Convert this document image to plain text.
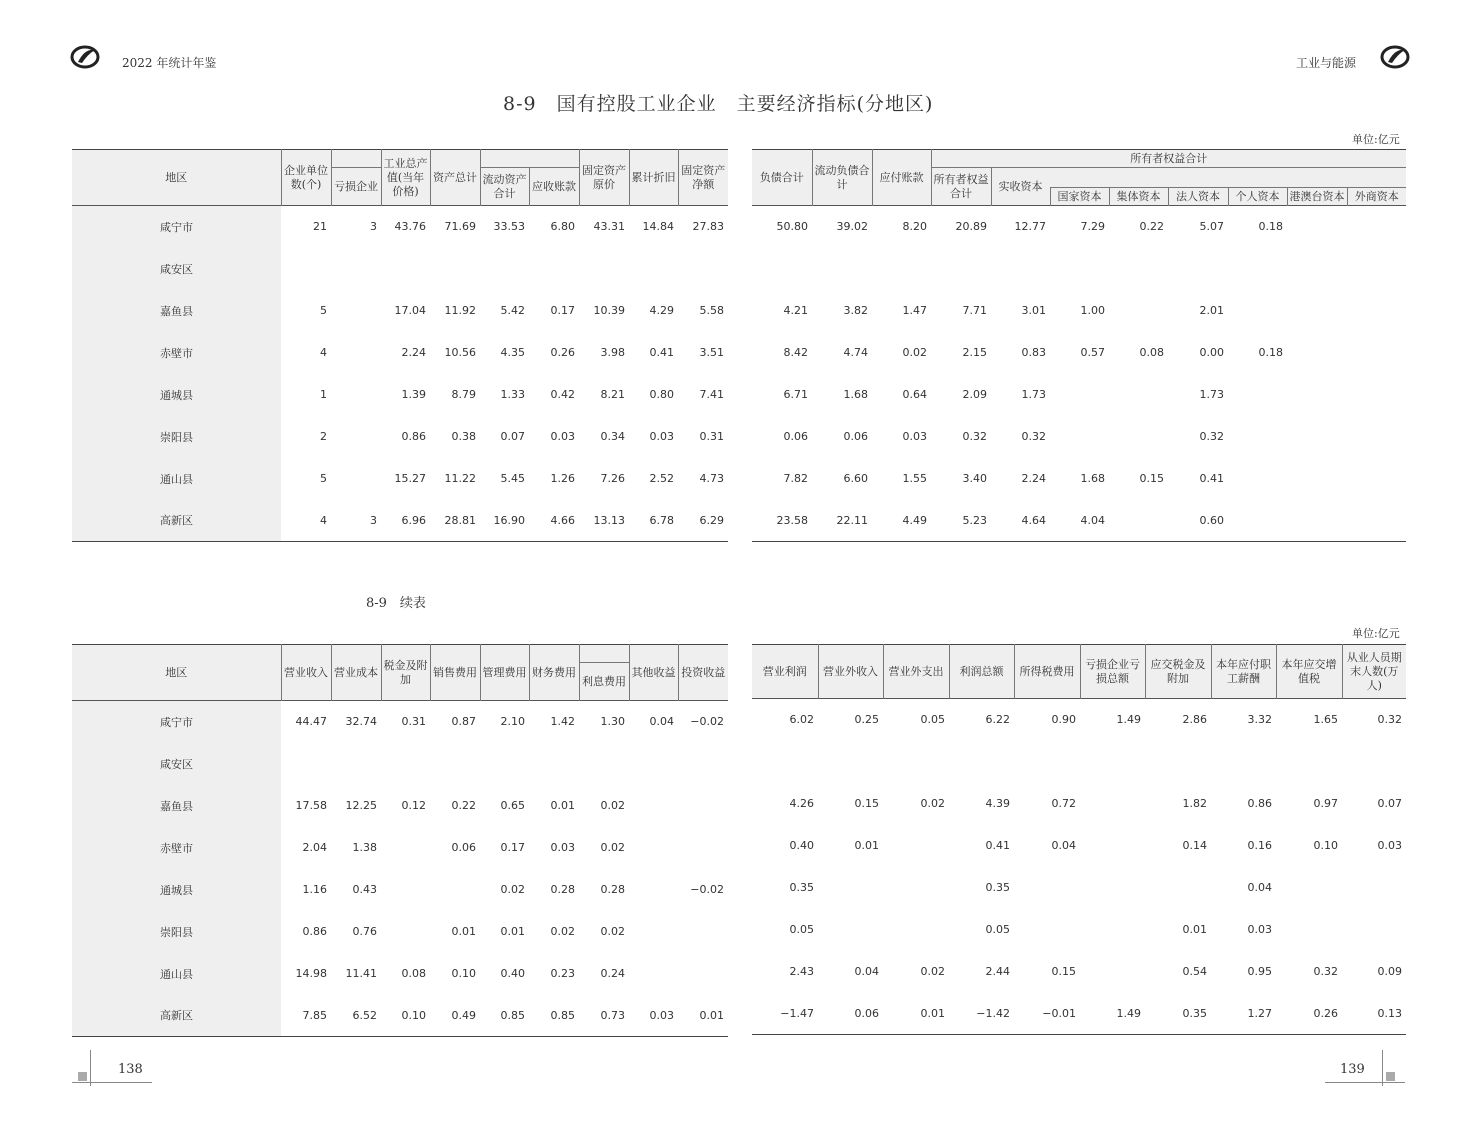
2022 年统计年鉴	工业与能源
8-9　国有控股工业企业　主要经济指标(分地区)
单位:亿元
地区	企业单位数(个)		工业总产值(当年价格)	资产总计			固定资产原价	累计折旧	固定资产净额
		亏损企业			流动资产合计	应收账款			
咸宁市	21	3	43.76	71.69	33.53	6.80	43.31	14.84	27.83
咸安区									
嘉鱼县	5		17.04	11.92	5.42	0.17	10.39	4.29	5.58
赤壁市	4		2.24	10.56	4.35	0.26	3.98	0.41	3.51
通城县	1		1.39	8.79	1.33	0.42	8.21	0.80	7.41
崇阳县	2		0.86	0.38	0.07	0.03	0.34	0.03	0.31
通山县	5		15.27	11.22	5.45	1.26	7.26	2.52	4.73
高新区	4	3	6.96	28.81	16.90	4.66	13.13	6.78	6.29
负债合计	流动负债合计	应付账款	所有者权益合计							
			所有者权益合计	实收资本						
					国家资本	集体资本	法人资本	个人资本	港澳台资本	外商资本
50.80	39.02	8.20	20.89	12.77	7.29	0.22	5.07	0.18		

4.21	3.82	1.47	7.71	3.01	1.00		2.01			
8.42	4.74	0.02	2.15	0.83	0.57	0.08	0.00	0.18		
6.71	1.68	0.64	2.09	1.73			1.73			
0.06	0.06	0.03	0.32	0.32			0.32			
7.82	6.60	1.55	3.40	2.24	1.68	0.15	0.41			
23.58	22.11	4.49	5.23	4.64	4.04		0.60			
8-9　续表
单位:亿元
地区	营业收入	营业成本	税金及附加	销售费用	管理费用	财务费用		其他收益	投资收益
							利息费用		
咸宁市	44.47	32.74	0.31	0.87	2.10	1.42	1.30	0.04	−0.02
咸安区									
嘉鱼县	17.58	12.25	0.12	0.22	0.65	0.01	0.02		
赤壁市	2.04	1.38		0.06	0.17	0.03	0.02		
通城县	1.16	0.43			0.02	0.28	0.28		−0.02
崇阳县	0.86	0.76		0.01	0.01	0.02	0.02		
通山县	14.98	11.41	0.08	0.10	0.40	0.23	0.24		
高新区	7.85	6.52	0.10	0.49	0.85	0.85	0.73	0.03	0.01
营业利润	营业外收入	营业外支出	利润总额	所得税费用	亏损企业亏损总额	应交税金及附加	本年应付职工薪酬	本年应交增值税	从业人员期末人数(万人)
6.02	0.25	0.05	6.22	0.90	1.49	2.86	3.32	1.65	0.32

4.26	0.15	0.02	4.39	0.72		1.82	0.86	0.97	0.07
0.40	0.01		0.41	0.04		0.14	0.16	0.10	0.03
0.35			0.35				0.04		
0.05			0.05			0.01	0.03		
2.43	0.04	0.02	2.44	0.15		0.54	0.95	0.32	0.09
−1.47	0.06	0.01	−1.42	−0.01	1.49	0.35	1.27	0.26	0.13
138	139
